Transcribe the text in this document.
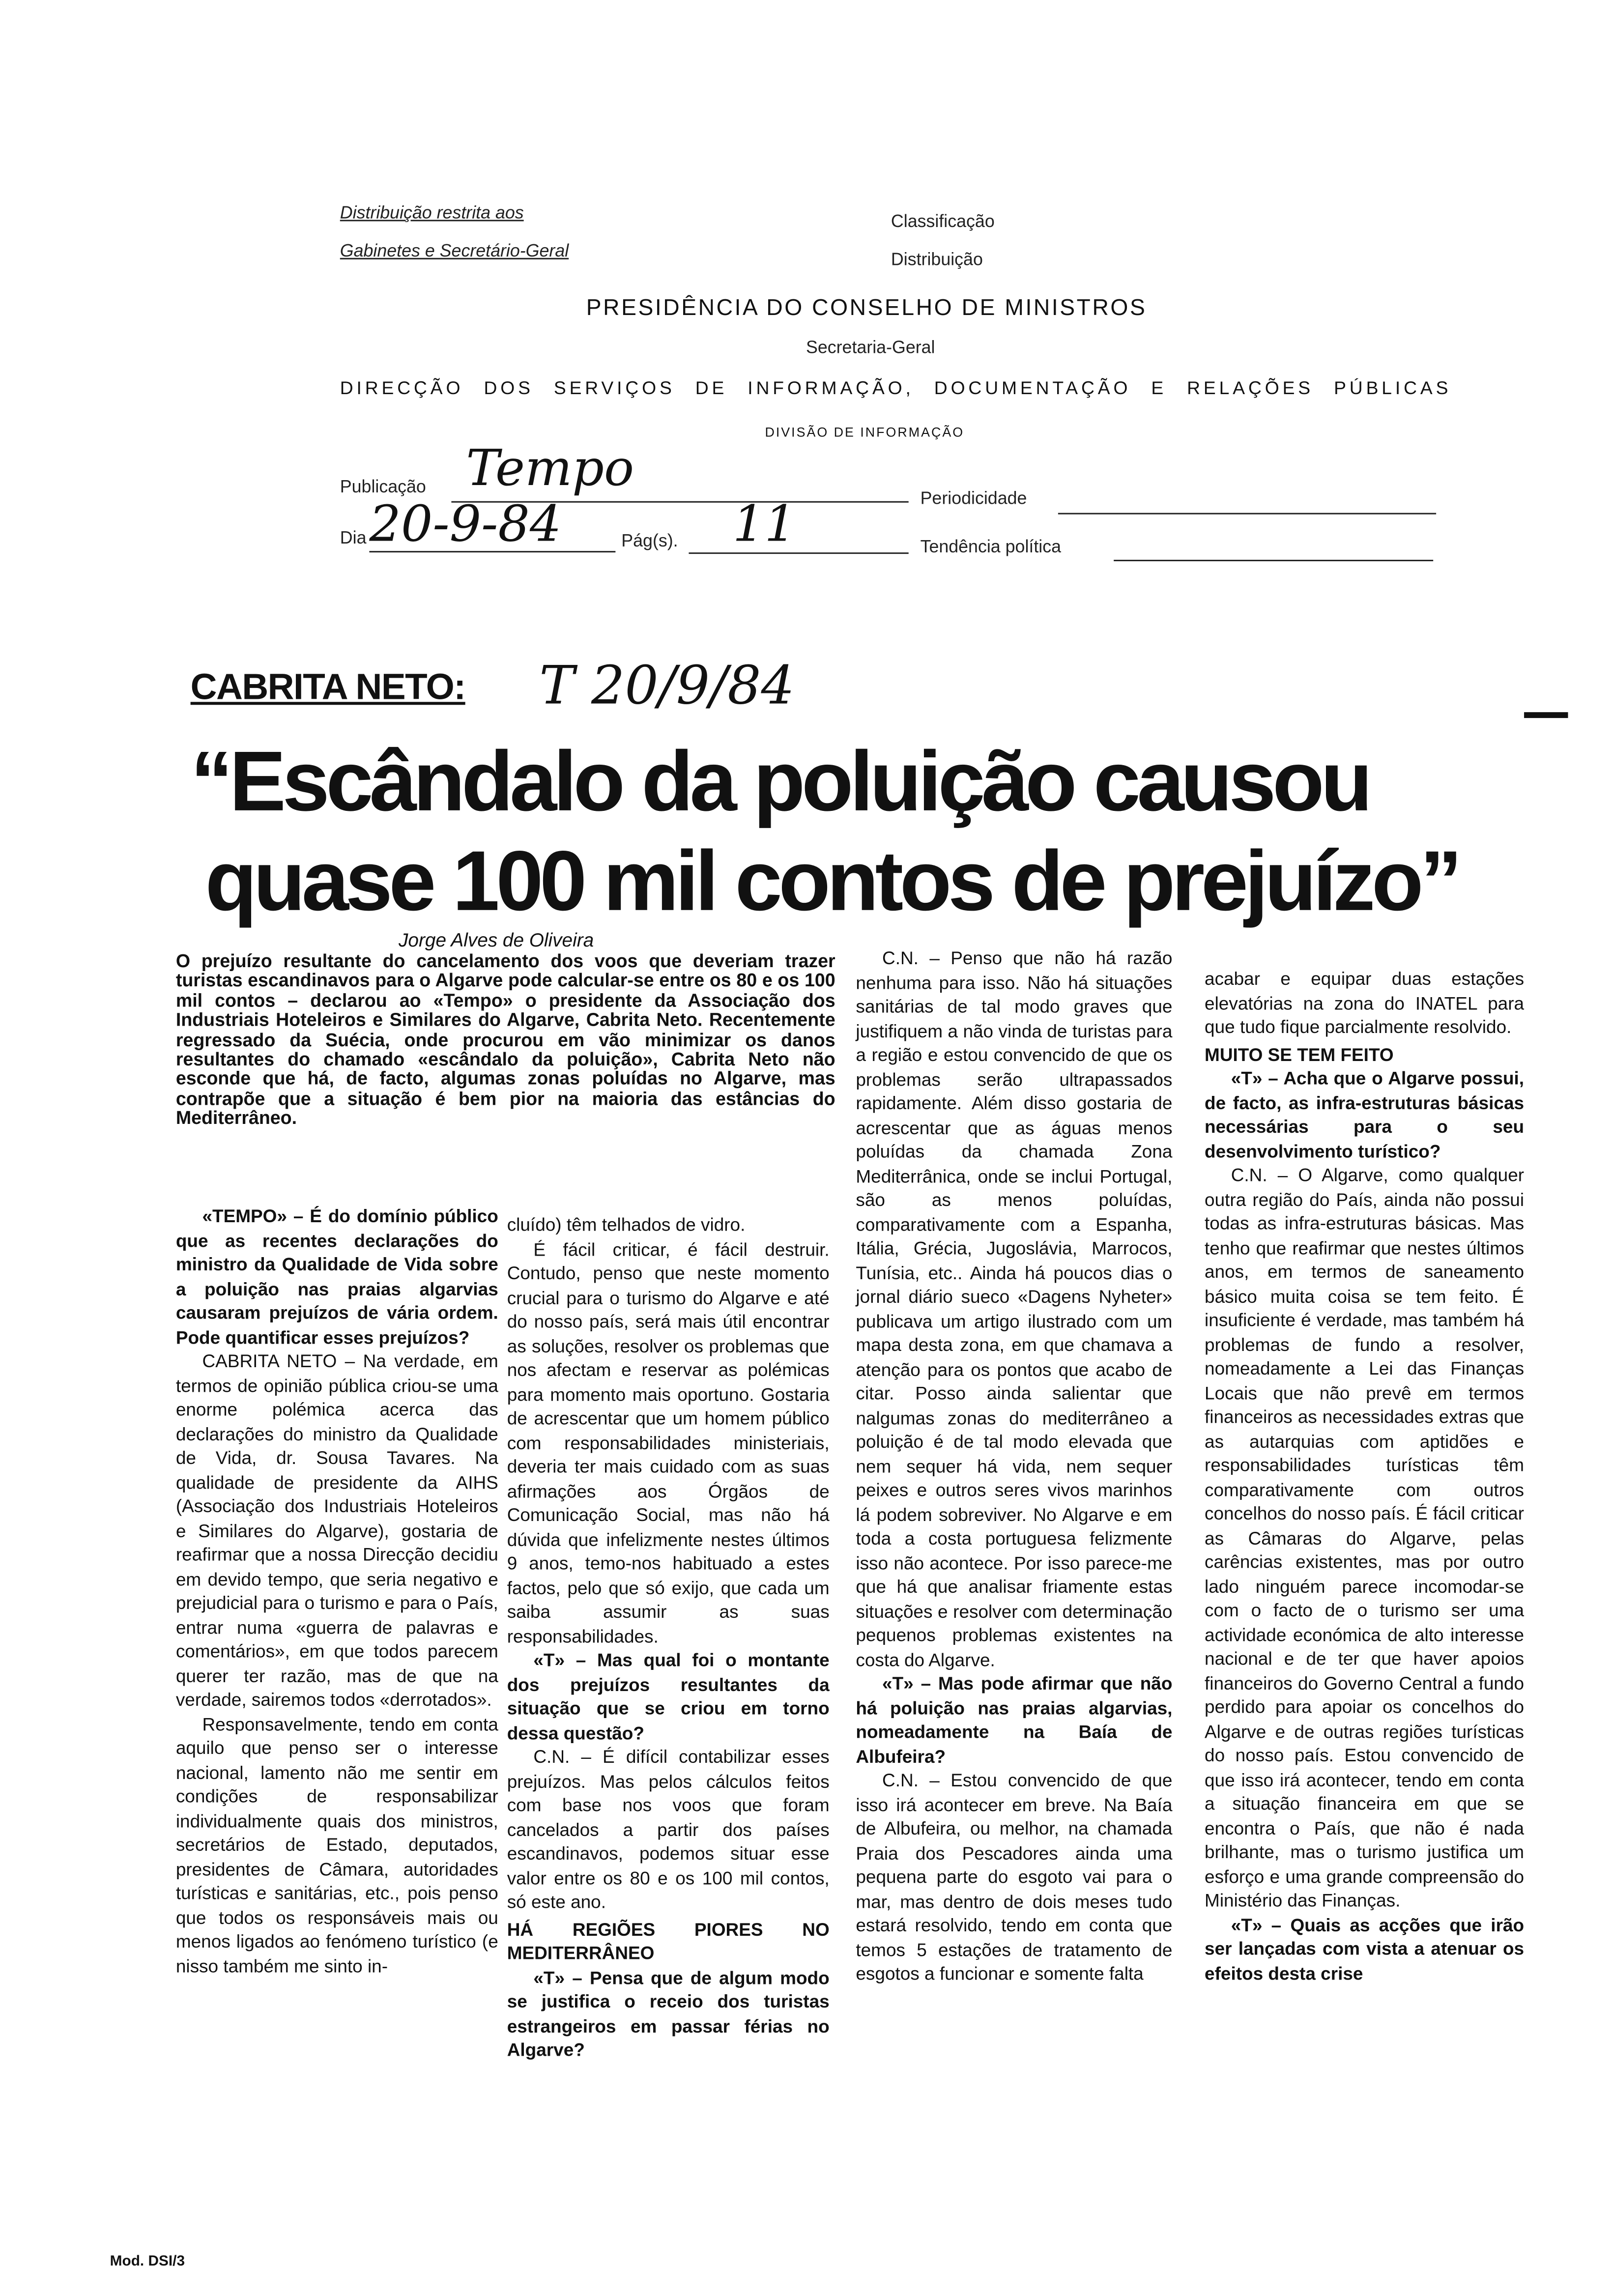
Distribuição restrita aos
Gabinetes e Secretário-Geral
Classificação
Distribuição
PRESIDÊNCIA DO CONSELHO DE MINISTROS
Secretaria-Geral
DIRECÇÃO DOS SERVIÇOS DE INFORMAÇÃO, DOCUMENTAÇÃO E RELAÇÕES PÚBLICAS
DIVISÃO DE INFORMAÇÃO
Publicação Tempo	Periodicidade
Dia 20-9-84	Pág(s).	11	Tendência política
CABRITA NETO:	T 20/9/84
“Escândalo da poluição causou
quase 100 mil contos de prejuízo”
Jorge Alves de Oliveira
O prejuízo resultante do cancelamento dos voos que deveriam trazer turistas escandinavos para o Algarve pode calcular-se entre os 80 e os 100 mil contos – declarou ao «Tempo» o presidente da Associação dos Industriais Hoteleiros e Similares do Algarve, Cabrita Neto. Recentemente regressado da Suécia, onde procurou em vão minimizar os danos resultantes do chamado «escândalo da poluição», Cabrita Neto não esconde que há, de facto, algumas zonas poluídas no Algarve, mas contrapõe que a situação é bem pior na maioria das estâncias do Mediterrâneo.

«TEMPO» – É do domínio público que as recentes declarações do ministro da Qualidade de Vida sobre a poluição nas praias algarvias causaram prejuízos de vária ordem. Pode quantificar esses prejuízos?

CABRITA NETO – Na verdade, em termos de opinião pública criou-se uma enorme polémica acerca das declarações do ministro da Qualidade de Vida, dr. Sousa Tavares. Na qualidade de presidente da AIHS (Associação dos Industriais Hoteleiros e Similares do Algarve), gostaria de reafirmar que a nossa Direcção decidiu em devido tempo, que seria negativo e prejudicial para o turismo e para o País, entrar numa «guerra de palavras e comentários», em que todos parecem querer ter razão, mas de que na verdade, sairemos todos «derrotados».

Responsavelmente, tendo em conta aquilo que penso ser o interesse nacional, lamento não me sentir em condições de responsabilizar individualmente quais dos ministros, secretários de Estado, deputados, presidentes de Câmara, autoridades turísticas e sanitárias, etc., pois penso que todos os responsáveis mais ou menos ligados ao fenómeno turístico (e nisso também me sinto in-

cluído) têm telhados de vidro.

É fácil criticar, é fácil destruir. Contudo, penso que neste momento crucial para o turismo do Algarve e até do nosso país, será mais útil encontrar as soluções, resolver os problemas que nos afectam e reservar as polémicas para momento mais oportuno. Gostaria de acrescentar que um homem público com responsabilidades ministeriais, deveria ter mais cuidado com as suas afirmações aos Órgãos de Comunicação Social, mas não há dúvida que infelizmente nestes últimos 9 anos, temo-nos habituado a estes factos, pelo que só exijo, que cada um saiba assumir as suas responsabilidades.

«T» – Mas qual foi o montante dos prejuízos resultantes da situação que se criou em torno dessa questão?

C.N. – É difícil contabilizar esses prejuízos. Mas pelos cálculos feitos com base nos voos que foram cancelados a partir dos países escandinavos, podemos situar esse valor entre os 80 e os 100 mil contos, só este ano.

HÁ REGIÕES PIORES NO MEDITERRÂNEO

«T» – Pensa que de algum modo se justifica o receio dos turistas estrangeiros em passar férias no Algarve?

C.N. – Penso que não há razão nenhuma para isso. Não há situações sanitárias de tal modo graves que justifiquem a não vinda de turistas para a região e estou convencido de que os problemas serão ultrapassados rapidamente. Além disso gostaria de acrescentar que as águas menos poluídas da chamada Zona Mediterrânica, onde se inclui Portugal, são as menos poluídas, comparativamente com a Espanha, Itália, Grécia, Jugoslávia, Marrocos, Tunísia, etc.. Ainda há poucos dias o jornal diário sueco «Dagens Nyheter» publicava um artigo ilustrado com um mapa desta zona, em que chamava a atenção para os pontos que acabo de citar. Posso ainda salientar que nalgumas zonas do mediterrâneo a poluição é de tal modo elevada que nem sequer há vida, nem sequer peixes e outros seres vivos marinhos lá podem sobreviver. No Algarve e em toda a costa portuguesa felizmente isso não acontece. Por isso parece-me que há que analisar friamente estas situações e resolver com determinação pequenos problemas existentes na costa do Algarve.

«T» – Mas pode afirmar que não há poluição nas praias algarvias, nomeadamente na Baía de Albufeira?

C.N. – Estou convencido de que isso irá acontecer em breve. Na Baía de Albufeira, ou melhor, na chamada Praia dos Pescadores ainda uma pequena parte do esgoto vai para o mar, mas dentro de dois meses tudo estará resolvido, tendo em conta que temos 5 estações de tratamento de esgotos a funcionar e somente falta

acabar e equipar duas estações elevatórias na zona do INATEL para que tudo fique parcialmente resolvido.

MUITO SE TEM FEITO

«T» – Acha que o Algarve possui, de facto, as infra-estruturas básicas necessárias para o seu desenvolvimento turístico?

C.N. – O Algarve, como qualquer outra região do País, ainda não possui todas as infra-estruturas básicas. Mas tenho que reafirmar que nestes últimos anos, em termos de saneamento básico muita coisa se tem feito. É insuficiente é verdade, mas também há problemas de fundo a resolver, nomeadamente a Lei das Finanças Locais que não prevê em termos financeiros as necessidades extras que as autarquias com aptidões e responsabilidades turísticas têm comparativamente com outros concelhos do nosso país. É fácil criticar as Câmaras do Algarve, pelas carências existentes, mas por outro lado ninguém parece incomodar-se com o facto de o turismo ser uma actividade económica de alto interesse nacional e de ter que haver apoios financeiros do Governo Central a fundo perdido para apoiar os concelhos do Algarve e de outras regiões turísticas do nosso país. Estou convencido de que isso irá acontecer, tendo em conta a situação financeira em que se encontra o País, que não é nada brilhante, mas o turismo justifica um esforço e uma grande compreensão do Ministério das Finanças.

«T» – Quais as acções que irão ser lançadas com vista a atenuar os efeitos desta crise

Mod. DSI/3
